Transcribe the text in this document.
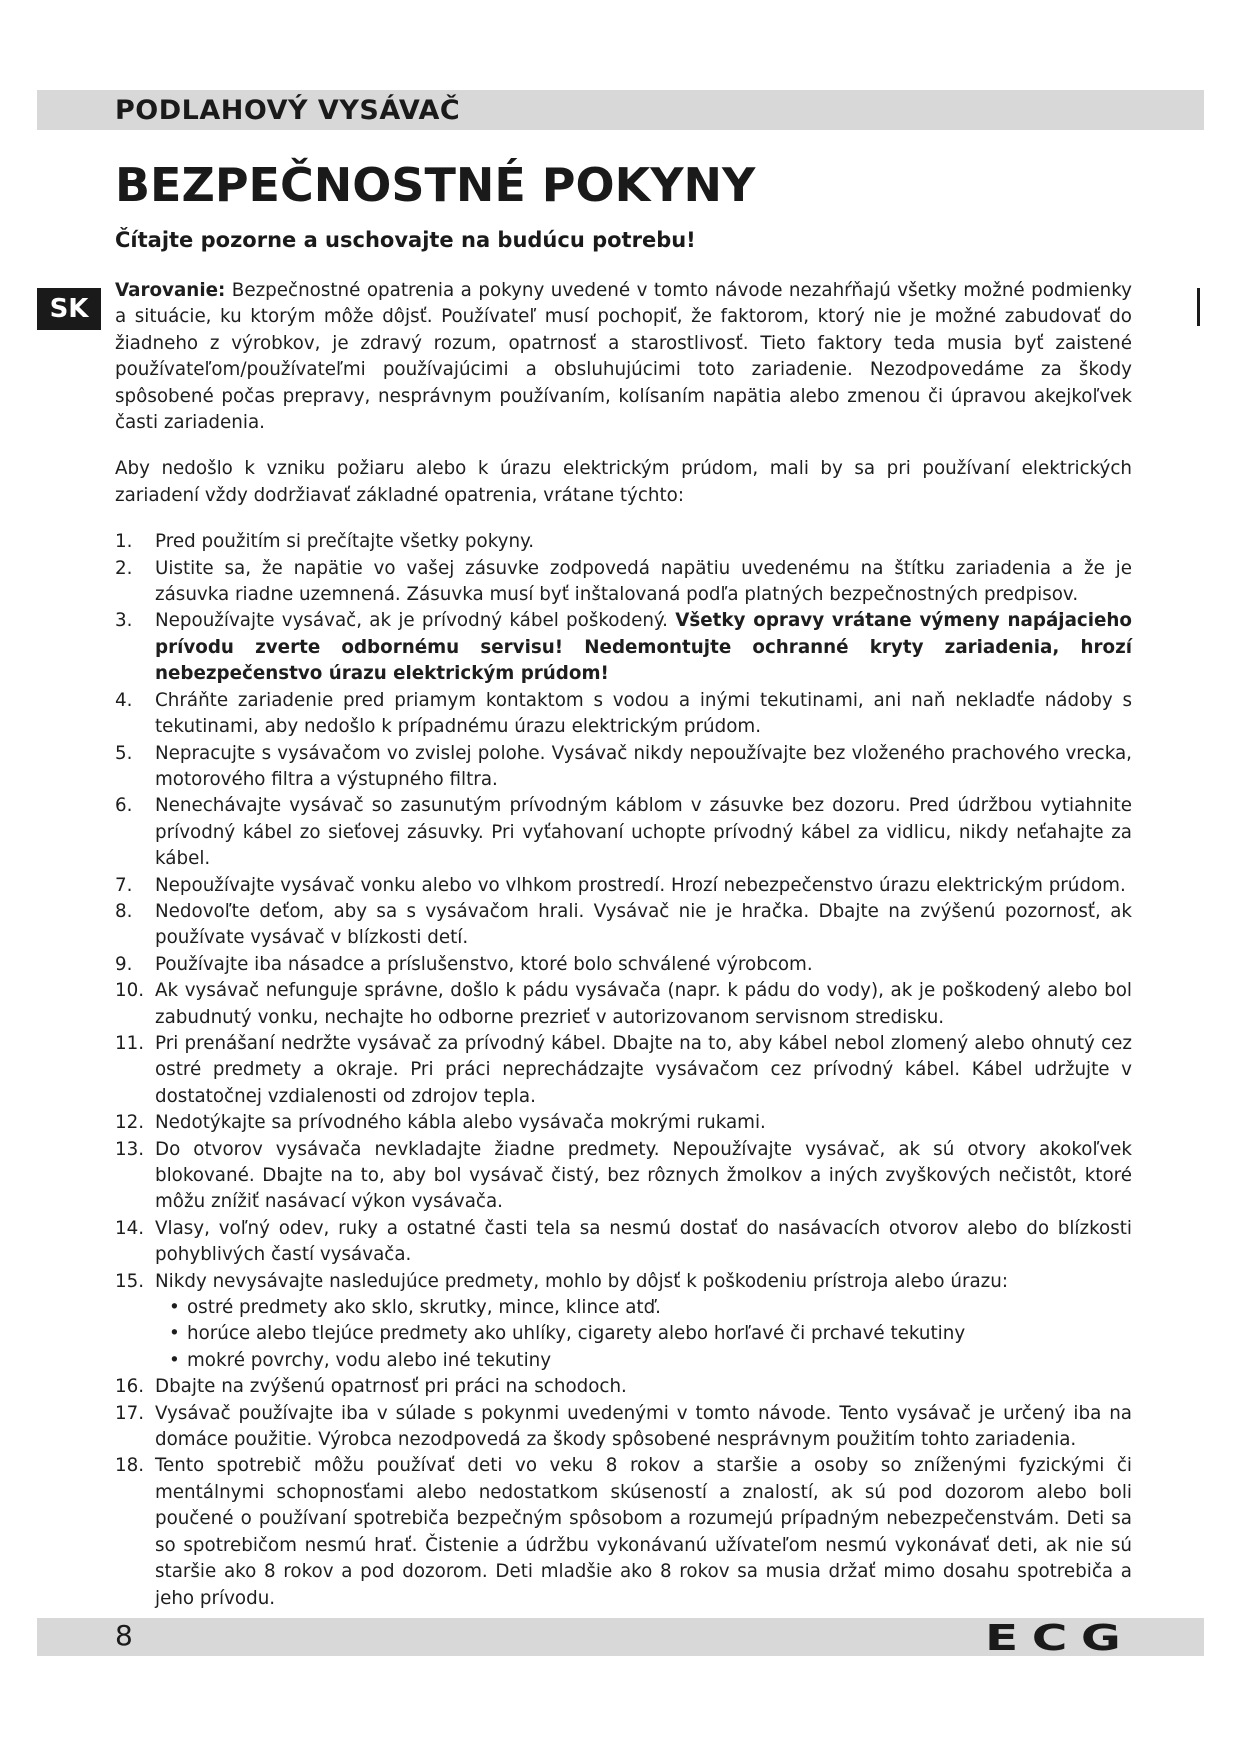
PODLAHOVÝ VYSÁVAČ
BEZPEČNOSTNÉ POKYNY
Čítajte pozorne a uschovajte na budúcu potrebu!
SK

Varovanie: Bezpečnostné opatrenia a pokyny uvedené v tomto návode nezahŕňajú všetky možné podmienky a situácie, ku ktorým môže dôjsť. Používateľ musí pochopiť, že faktorom, ktorý nie je možné zabudovať do žiadneho z výrobkov, je zdravý rozum, opatrnosť a starostlivosť. Tieto faktory teda musia byť zaistené používateľom/používateľmi používajúcimi a obsluhujúcimi toto zariadenie. Nezodpovedáme za škody spôsobené počas prepravy, nesprávnym používaním, kolísaním napätia alebo zmenou či úpravou akejkoľvek časti zariadenia.

Aby nedošlo k vzniku požiaru alebo k úrazu elektrickým prúdom, mali by sa pri používaní elektrických zariadení vždy dodržiavať základné opatrenia, vrátane týchto:

1. Pred použitím si prečítajte všetky pokyny.
2. Uistite sa, že napätie vo vašej zásuvke zodpovedá napätiu uvedenému na štítku zariadenia a že je zásuvka riadne uzemnená. Zásuvka musí byť inštalovaná podľa platných bezpečnostných predpisov.
3. Nepoužívajte vysávač, ak je prívodný kábel poškodený. Všetky opravy vrátane výmeny napájacieho prívodu zverte odbornému servisu! Nedemontujte ochranné kryty zariadenia, hrozí nebezpečenstvo úrazu elektrickým prúdom!
4. Chráňte zariadenie pred priamym kontaktom s vodou a inými tekutinami, ani naň nekladťe nádoby s tekutinami, aby nedošlo k prípadnému úrazu elektrickým prúdom.
5. Nepracujte s vysávačom vo zvislej polohe. Vysávač nikdy nepoužívajte bez vloženého prachového vrecka, motorového filtra a výstupného filtra.
6. Nenechávajte vysávač so zasunutým prívodným káblom v zásuvke bez dozoru. Pred údržbou vytiahnite prívodný kábel zo sieťovej zásuvky. Pri vyťahovaní uchopte prívodný kábel za vidlicu, nikdy neťahajte za kábel.
7. Nepoužívajte vysávač vonku alebo vo vlhkom prostredí. Hrozí nebezpečenstvo úrazu elektrickým prúdom.
8. Nedovoľte deťom, aby sa s vysávačom hrali. Vysávač nie je hračka. Dbajte na zvýšenú pozornosť, ak používate vysávač v blízkosti detí.
9. Používajte iba násadce a príslušenstvo, ktoré bolo schválené výrobcom.
10. Ak vysávač nefunguje správne, došlo k pádu vysávača (napr. k pádu do vody), ak je poškodený alebo bol zabudnutý vonku, nechajte ho odborne prezrieť v autorizovanom servisnom stredisku.
11. Pri prenášaní nedržte vysávač za prívodný kábel. Dbajte na to, aby kábel nebol zlomený alebo ohnutý cez ostré predmety a okraje. Pri práci neprechádzajte vysávačom cez prívodný kábel. Kábel udržujte v dostatočnej vzdialenosti od zdrojov tepla.
12. Nedotýkajte sa prívodného kábla alebo vysávača mokrými rukami.
13. Do otvorov vysávača nevkladajte žiadne predmety. Nepoužívajte vysávač, ak sú otvory akokoľvek blokované. Dbajte na to, aby bol vysávač čistý, bez rôznych žmolkov a iných zvyškových nečistôt, ktoré môžu znížiť nasávací výkon vysávača.
14. Vlasy, voľný odev, ruky a ostatné časti tela sa nesmú dostať do nasávacích otvorov alebo do blízkosti pohyblivých častí vysávača.
15. Nikdy nevysávajte nasledujúce predmety, mohlo by dôjsť k poškodeniu prístroja alebo úrazu:
• ostré predmety ako sklo, skrutky, mince, klince atď.
• horúce alebo tlejúce predmety ako uhlíky, cigarety alebo horľavé či prchavé tekutiny
• mokré povrchy, vodu alebo iné tekutiny
16. Dbajte na zvýšenú opatrnosť pri práci na schodoch.
17. Vysávač používajte iba v súlade s pokynmi uvedenými v tomto návode. Tento vysávač je určený iba na domáce použitie. Výrobca nezodpovedá za škody spôsobené nesprávnym použitím tohto zariadenia.
18. Tento spotrebič môžu používať deti vo veku 8 rokov a staršie a osoby so zníženými fyzickými či mentálnymi schopnosťami alebo nedostatkom skúseností a znalostí, ak sú pod dozorom alebo boli poučené o používaní spotrebiča bezpečným spôsobom a rozumejú prípadným nebezpečenstvám. Deti sa so spotrebičom nesmú hrať. Čistenie a údržbu vykonávanú užívateľom nesmú vykonávať deti, ak nie sú staršie ako 8 rokov a pod dozorom. Deti mladšie ako 8 rokov sa musia držať mimo dosahu spotrebiča a jeho prívodu.
8	ECG
